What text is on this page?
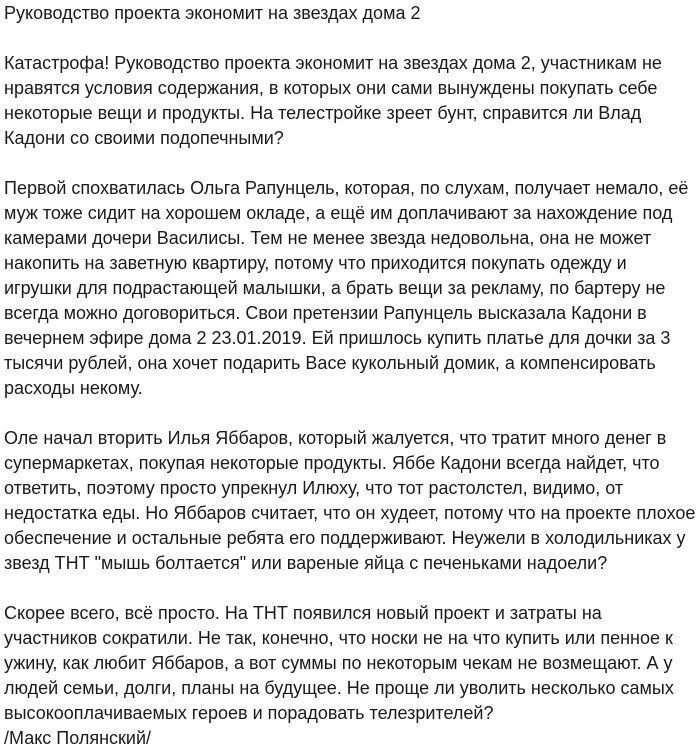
Руководство проекта экономит на звездах дома 2

Катастрофа! Руководство проекта экономит на звездах дома 2, участникам не
нравятся условия содержания, в которых они сами вынуждены покупать себе
некоторые вещи и продукты. На телестройке зреет бунт, справится ли Влад
Кадони со своими подопечными?

Первой спохватилась Ольга Рапунцель, которая, по слухам, получает немало, её
муж тоже сидит на хорошем окладе, а ещё им доплачивают за нахождение под
камерами дочери Василисы. Тем не менее звезда недовольна, она не может
накопить на заветную квартиру, потому что приходится покупать одежду и
игрушки для подрастающей малышки, а брать вещи за рекламу, по бартеру не
всегда можно договориться. Свои претензии Рапунцель высказала Кадони в
вечернем эфире дома 2 23.01.2019. Ей пришлось купить платье для дочки за 3
тысячи рублей, она хочет подарить Васе кукольный домик, а компенсировать
расходы некому.

Оле начал вторить Илья Яббаров, который жалуется, что тратит много денег в
супермаркетах, покупая некоторые продукты. Яббе Кадони всегда найдет, что
ответить, поэтому просто упрекнул Илюху, что тот растолстел, видимо, от
недостатка еды. Но Яббаров считает, что он худеет, потому что на проекте плохое
обеспечение и остальные ребята его поддерживают. Неужели в холодильниках у
звезд ТНТ "мышь болтается" или вареные яйца с печеньками надоели?

Скорее всего, всё просто. На ТНТ появился новый проект и затраты на
участников сократили. Не так, конечно, что носки не на что купить или пенное к
ужину, как любит Яббаров, а вот суммы по некоторым чекам не возмещают. А у
людей семьи, долги, планы на будущее. Не проще ли уволить несколько самых
высокооплачиваемых героев и порадовать телезрителей?

/Макс Полянский/
